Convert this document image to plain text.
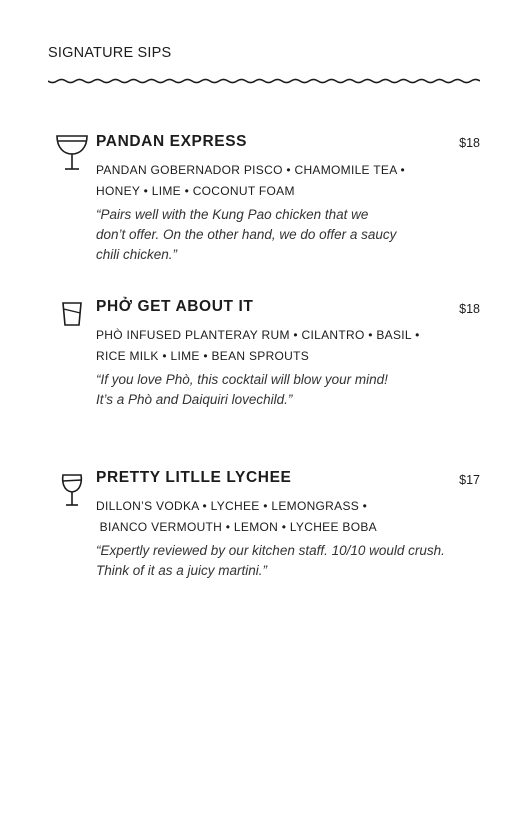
SIGNATURE SIPS
PANDAN EXPRESS	$18
PANDAN GOBERNADOR PISCO • CHAMOMILE TEA •
HONEY • LIME • COCONUT FOAM
“Pairs well with the Kung Pao chicken that we
don’t offer. On the other hand, we do offer a saucy
chili chicken.”
PHỞ GET ABOUT IT	$18
PHÒ INFUSED PLANTERAY RUM • CILANTRO • BASIL •
RICE MILK • LIME • BEAN SPROUTS
“If you love Phò, this cocktail will blow your mind!
It’s a Phò and Daiquiri lovechild.”
PRETTY LITLLE LYCHEE	$17
DILLON’S VODKA • LYCHEE • LEMONGRASS •
BIANCO VERMOUTH • LEMON • LYCHEE BOBA
“Expertly reviewed by our kitchen staff. 10/10 would crush.
Think of it as a juicy martini.”
